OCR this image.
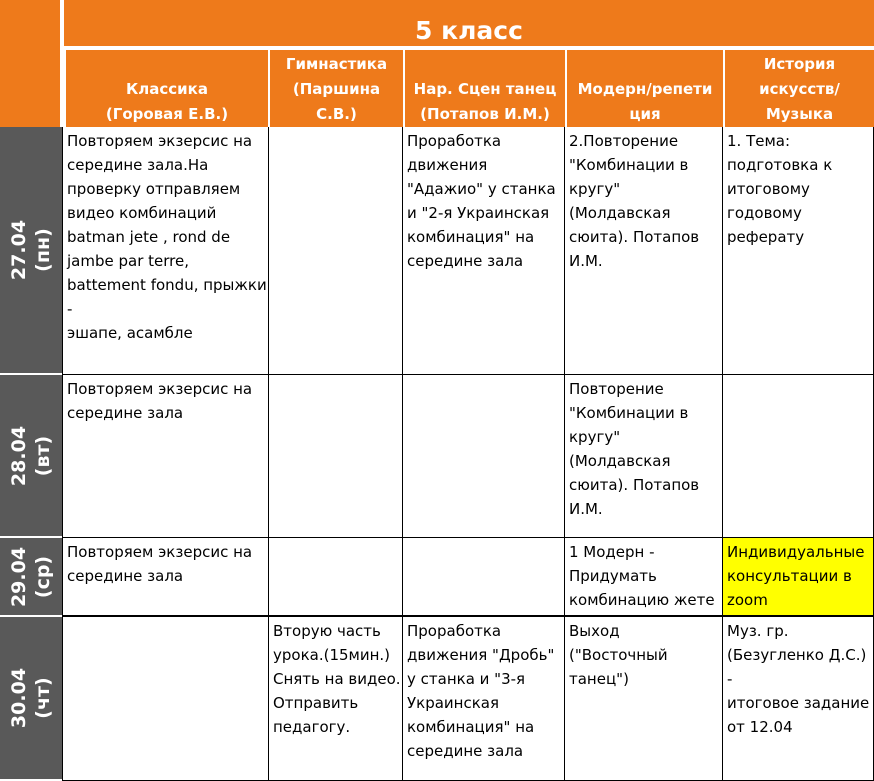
5 класс
Классика
(Горовая Е.В.)
Гимнастика
(Паршина
С.В.)
Нар. Сцен танец
(Потапов И.М.)
Модерн/репети
ция
История
искусств/
Музыка
27.04 (пн)
28.04 (вт)
29.04
(ср)
30.04 (чт)
Повторяем экзерсис на
середине зала.На
проверку отправляем
видео комбинаций
batman jete , rond de
jambe par terre,
battement fondu, прыжки -
эшапе, асамбле
Проработка
движения
"Адажио" у станка
и "2-я Украинская
комбинация" на
середине зала
2.Повторение
"Комбинации в
кругу" (Молдавская
сюита). Потапов
И.М.
1. Тема:
подготовка к
итоговому
годовому
реферату
Повторяем экзерсис на
середине зала
Повторение
"Комбинации в
кругу" (Молдавская
сюита). Потапов
И.М.
Повторяем экзерсис на
середине зала
1 Модерн -
Придумать
комбинацию жете
Индивидуальные
консультации в
zoom
Вторую часть
урока.(15мин.)
Снять на видео.
Отправить
педагогу.
Проработка
движения "Дробь"
у станка и "3-я
Украинская
комбинация" на
середине зала
Выход ("Восточный
танец")
Муз. гр.
(Безугленко Д.С.) -
итоговое задание
от 12.04
